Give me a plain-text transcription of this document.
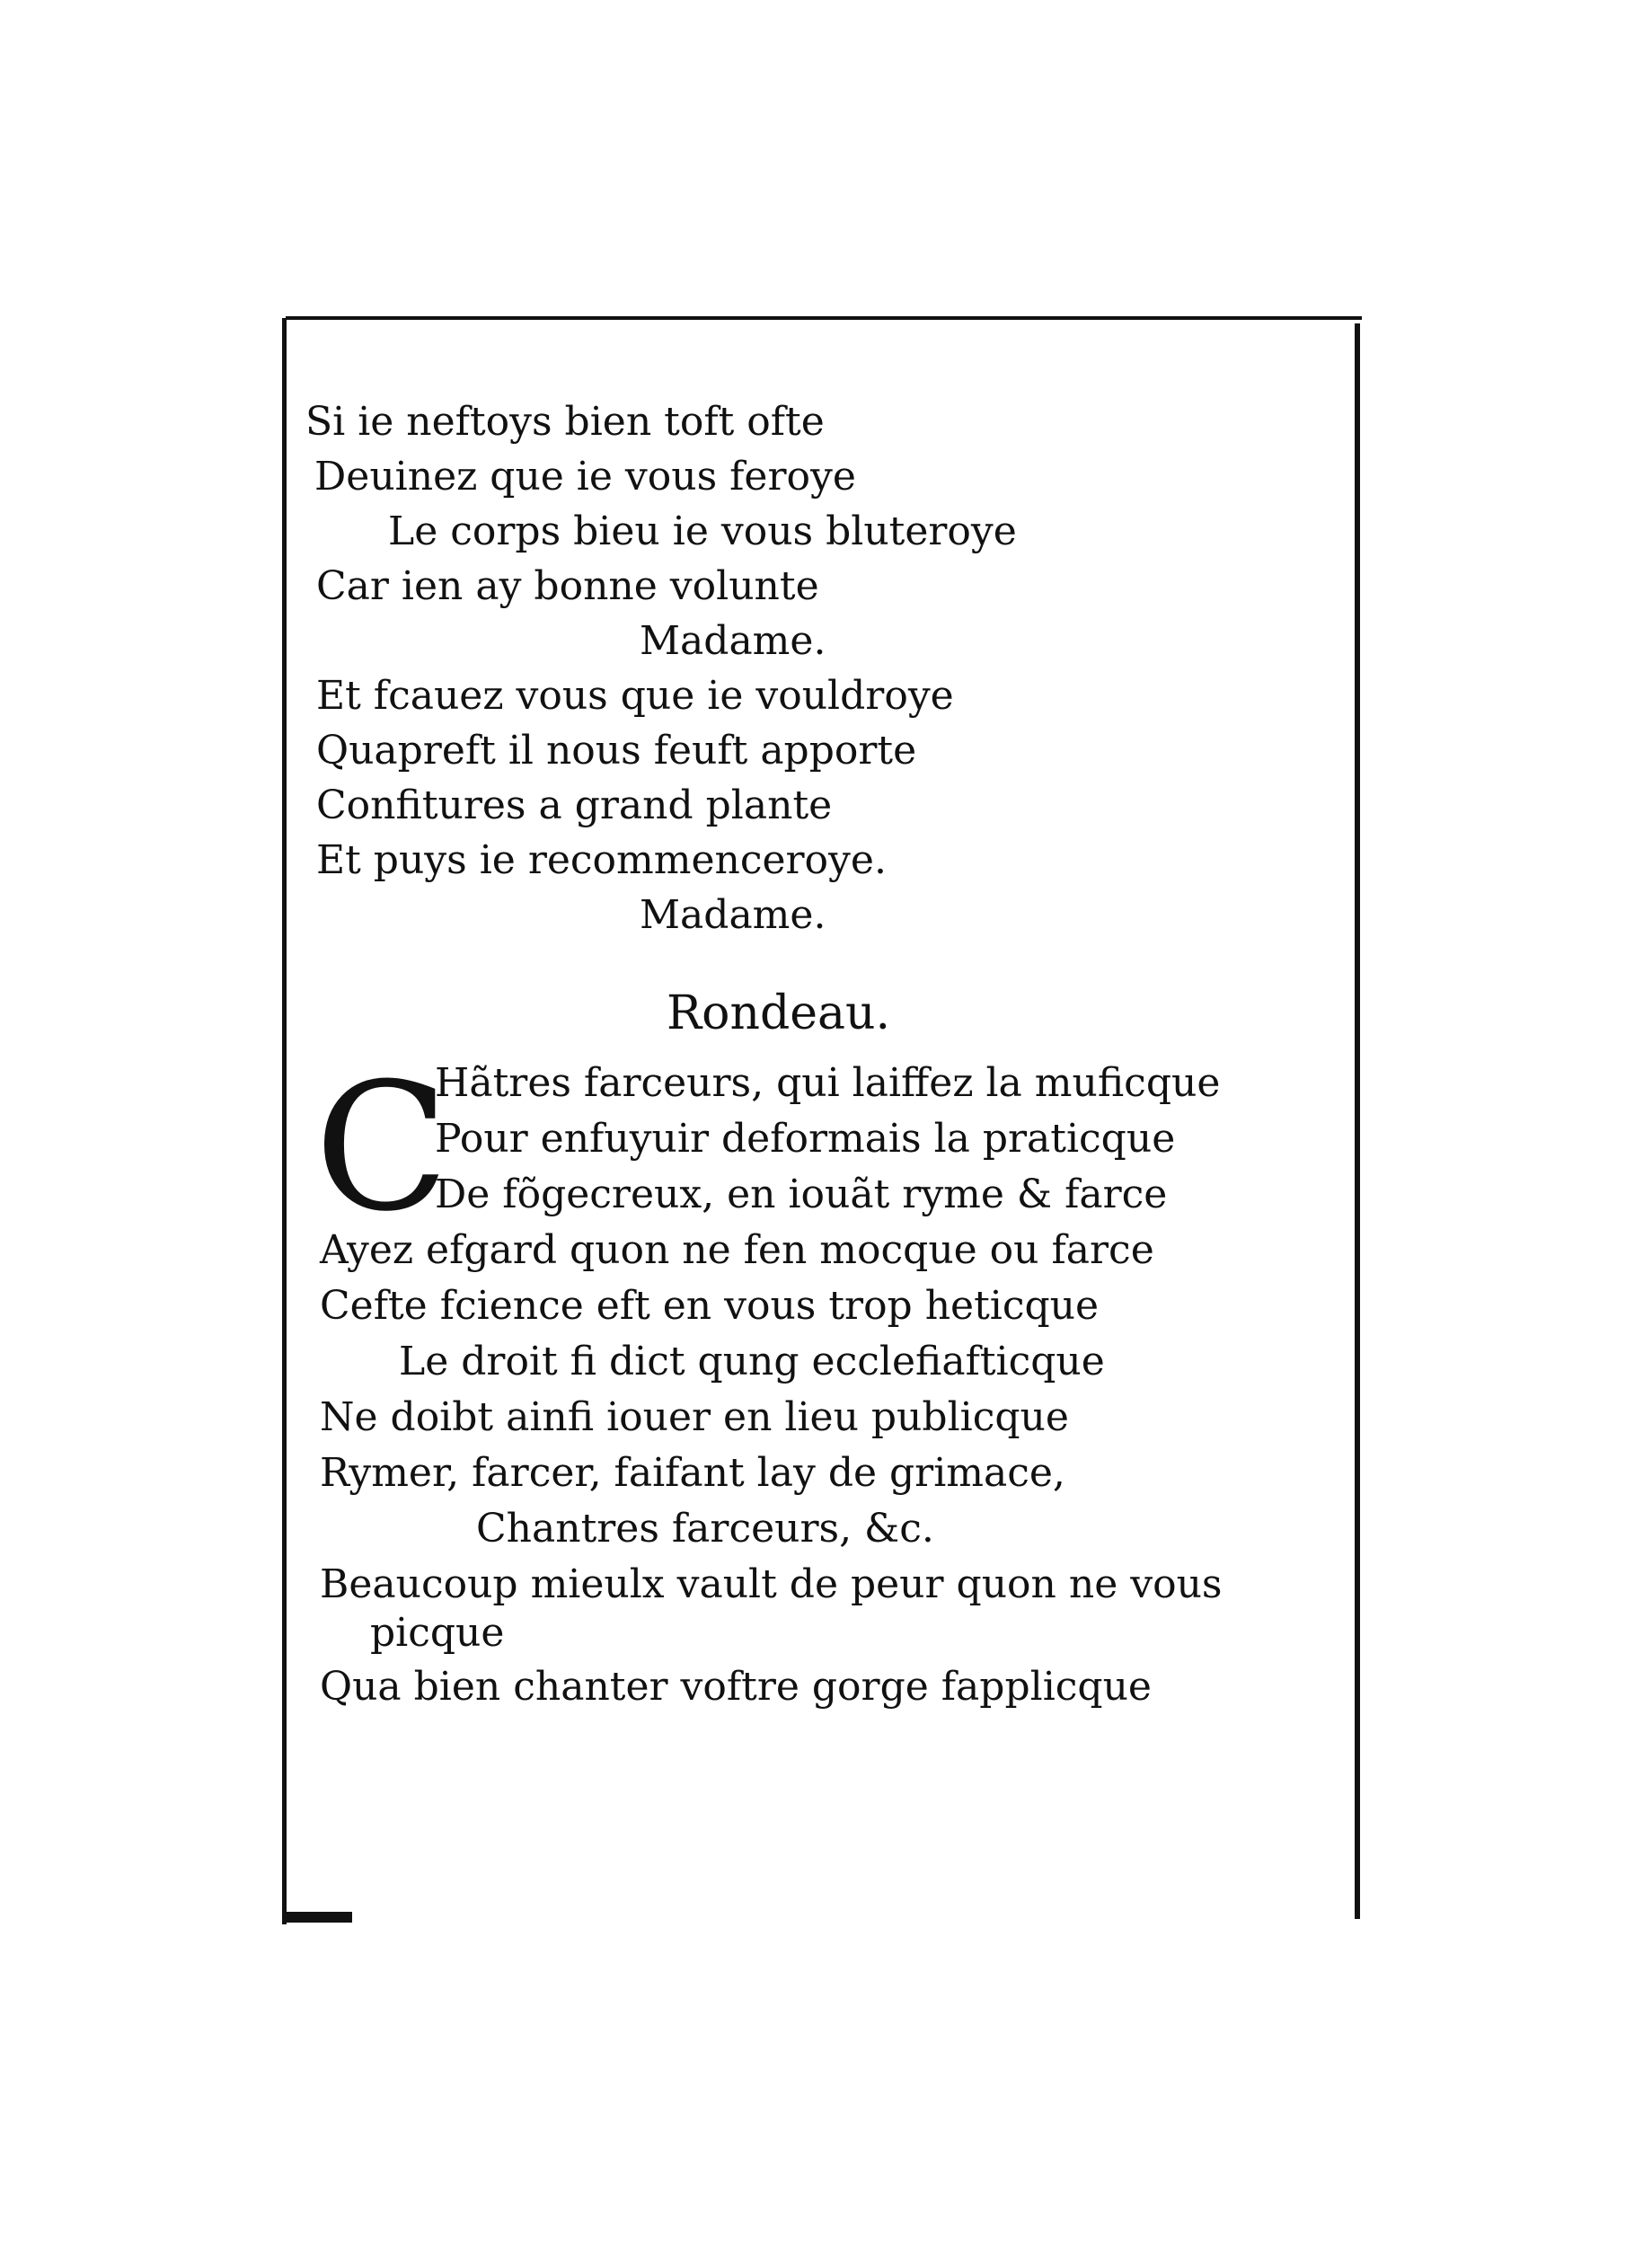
Si ie neftoys bien toft ofte
Deuinez que ie vous feroye
Le corps bieu ie vous bluteroye
Car ien ay bonne volunte
Madame.
Et fcauez vous que ie vouldroye
Quapreft il nous feuft apporte
Confitures a grand plante
Et puys ie recommenceroye.
Madame.
Rondeau.
C
Hãtres farceurs, qui laiffez la muficque
Pour enfuyuir deformais la praticque
De fõgecreux, en iouãt ryme & farce
Ayez efgard quon ne fen mocque ou farce
Cefte fcience eft en vous trop heticque
Le droit fi dict qung ecclefiafticque
Ne doibt ainfi iouer en lieu publicque
Rymer, farcer, faifant lay de grimace,
Chantres farceurs, &c.
Beaucoup mieulx vault de peur quon ne vous
picque
Qua bien chanter voftre gorge fapplicque
